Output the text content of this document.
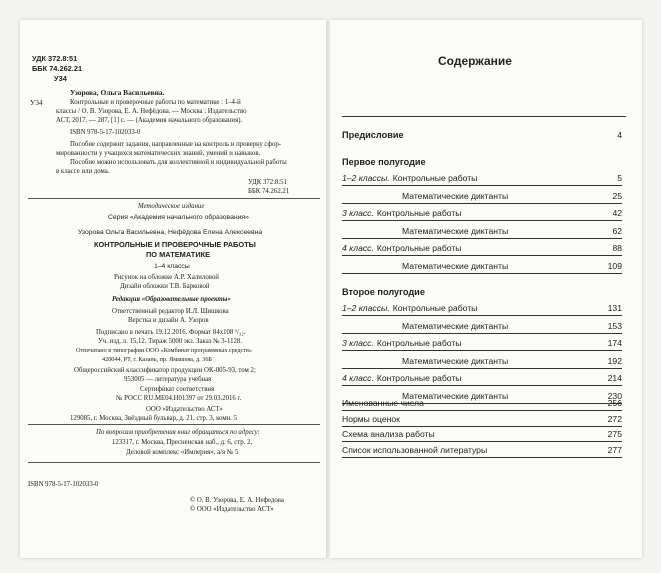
УДК 372.8:51
ББК 74.262.21
У34
Узорова, Ольга Васильевна.
У34	Контрольные и проверочные работы по математике : 1–4-й
классы / О. В. Узорова, Е. А. Нефёдова. — Москва : Издательство
АСТ, 2017. — 287, [1] с. — (Академия начального образования).
ISBN 978-5-17-102033-0
Пособие содержит задания, направленные на контроль и проверку сфор-
мированности у учащихся математических знаний, умений и навыков.
Пособие можно использовать для коллективной и индивидуальной работы
в классе или дома.
УДК 372.8:51
ББК 74.262.21
Методическое издание
Серия «Академия начального образования»
Узорова Ольга Васильевна, Нефёдова Елена Алексеевна
КОНТРОЛЬНЫЕ И ПРОВЕРОЧНЫЕ РАБОТЫ
ПО МАТЕМАТИКЕ
1–4 классы
Рисунок на обложке А.Р. Халиловой
Дизайн обложки Т.В. Барковой
Редакция «Образовательные проекты»
Ответственный редактор И.Л. Шишкова
Верстка и дизайн А. Узоров
Подписано в печать 19.12.2016. Формат 84х108 ¹/₃₂.
Уч. изд. л. 15,12. Тираж 5000 экз. Заказ № 3-1128.
Отпечатано в типографии ООО «Комбинат программных средств»
420044, РТ, г. Казань, пр. Ямашева, д. 36Б
Общероссийский классификатор продукции ОК-005-93, том 2;
953005 — литература учебная
Сертификат соответствия
№ РОСС RU.ME04.H01397 от 29.03.2016 г.
ООО «Издательство АСТ»
129085, г. Москва, Звёздный бульвар, д. 21, стр. 3, комн. 5
По вопросам приобретения книг обращаться по адресу:
123317, г. Москва, Пресненская наб., д. 6, стр. 2,
Деловой комплекс «Империя», а/я № 5
ISBN 978-5-17-102033-0
© О. В. Узорова, Е. А. Нефедова
© ООО «Издательство АСТ»
Содержание
Предисловие	4
Первое полугодие
1–2 классы. Контрольные работы	5
Математические диктанты	25
3 класс. Контрольные работы	42
Математические диктанты	62
4 класс. Контрольные работы	88
Математические диктанты	109
Второе полугодие
1–2 классы. Контрольные работы	131
Математические диктанты	153
3 класс. Контрольные работы	174
Математические диктанты	192
4 класс. Контрольные работы	214
Математические диктанты	230
Именованные числа	256
Нормы оценок	272
Схема анализа работы	275
Список использованной литературы	277
